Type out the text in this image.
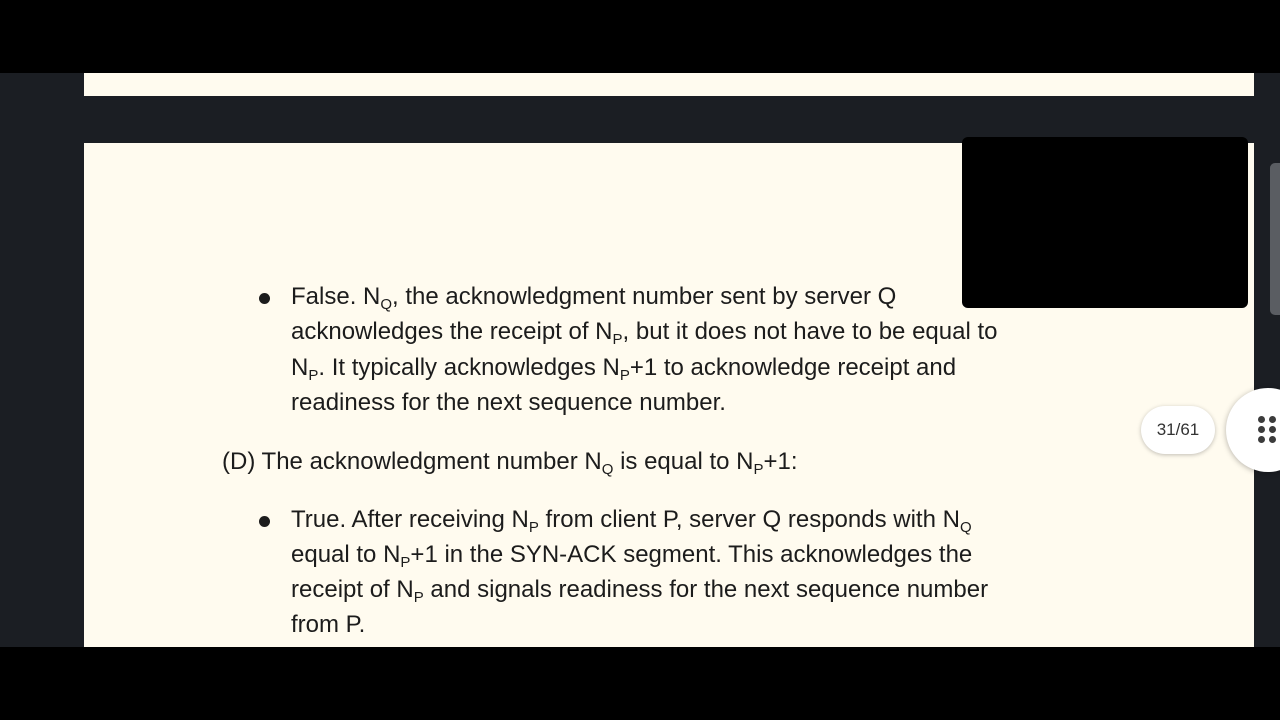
False. $N_Q$, the acknowledgment number sent by server Q
acknowledges the receipt of $N_P$, but it does not have to be equal to
$N_P$. It typically acknowledges $N_P+1$ to acknowledge receipt and
readiness for the next sequence number.
(D) The acknowledgment number $N_Q$ is equal to $N_P+1$:
True. After receiving $N_P$ from client P, server Q responds with $N_Q$
equal to $N_P+1$ in the SYN-ACK segment. This acknowledges the
receipt of $N_P$ and signals readiness for the next sequence number
from P.
31/61
